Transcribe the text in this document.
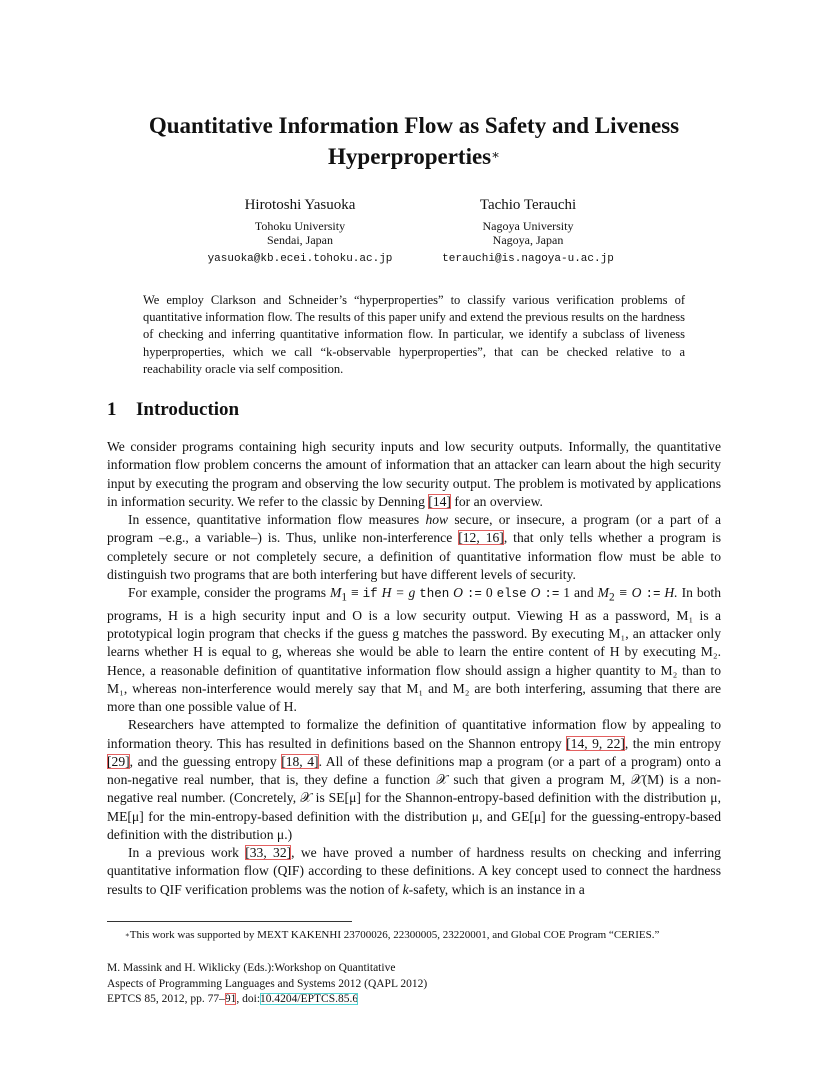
Quantitative Information Flow as Safety and Liveness Hyperproperties∗
Hirotoshi Yasuoka
Tohoku University
Sendai, Japan
yasuoka@kb.ecei.tohoku.ac.jp
Tachio Terauchi
Nagoya University
Nagoya, Japan
terauchi@is.nagoya-u.ac.jp

We employ Clarkson and Schneider’s “hyperproperties” to classify various verification problems of quantitative information flow. The results of this paper unify and extend the previous results on the hardness of checking and inferring quantitative information flow. In particular, we identify a subclass of liveness hyperproperties, which we call “k-observable hyperproperties”, that can be checked relative to a reachability oracle via self composition.

1 Introduction

We consider programs containing high security inputs and low security outputs. Informally, the quantitative information flow problem concerns the amount of information that an attacker can learn about the high security input by executing the program and observing the low security output. The problem is motivated by applications in information security. We refer to the classic by Denning [14] for an overview.

In essence, quantitative information flow measures how secure, or insecure, a program (or a part of a program –e.g., a variable–) is. Thus, unlike non-interference [12, 16], that only tells whether a program is completely secure or not completely secure, a definition of quantitative information flow must be able to distinguish two programs that are both interfering but have different levels of security.

For example, consider the programs $M_1$ ≡ if H = g then O := 0 else O := 1 and $M_2 \equiv O$ := H. In both programs, H is a high security input and O is a low security output. Viewing H as a password, M₁ is a prototypical login program that checks if the guess g matches the password. By executing M₁, an attacker only learns whether H is equal to g, whereas she would be able to learn the entire content of H by executing M₂. Hence, a reasonable definition of quantitative information flow should assign a higher quantity to M₂ than to M₁, whereas non-interference would merely say that M₁ and M₂ are both interfering, assuming that there are more than one possible value of H.

Researchers have attempted to formalize the definition of quantitative information flow by appealing to information theory. This has resulted in definitions based on the Shannon entropy [14, 9, 22], the min entropy [29], and the guessing entropy [18, 4]. All of these definitions map a program (or a part of a program) onto a non-negative real number, that is, they define a function 𝒳 such that given a program M, 𝒳(M) is a non-negative real number. (Concretely, 𝒳 is SE[μ] for the Shannon-entropy-based definition with the distribution μ, ME[μ] for the min-entropy-based definition with the distribution μ, and GE[μ] for the guessing-entropy-based definition with the distribution μ.)

In a previous work [33, 32], we have proved a number of hardness results on checking and inferring quantitative information flow (QIF) according to these definitions. A key concept used to connect the hardness results to QIF verification problems was the notion of k-safety, which is an instance in a

∗This work was supported by MEXT KAKENHI 23700026, 22300005, 23220001, and Global COE Program “CERIES.”
M. Massink and H. Wiklicky (Eds.):Workshop on Quantitative
Aspects of Programming Languages and Systems 2012 (QAPL 2012)
EPTCS 85, 2012, pp. 77–91, doi:10.4204/EPTCS.85.6
